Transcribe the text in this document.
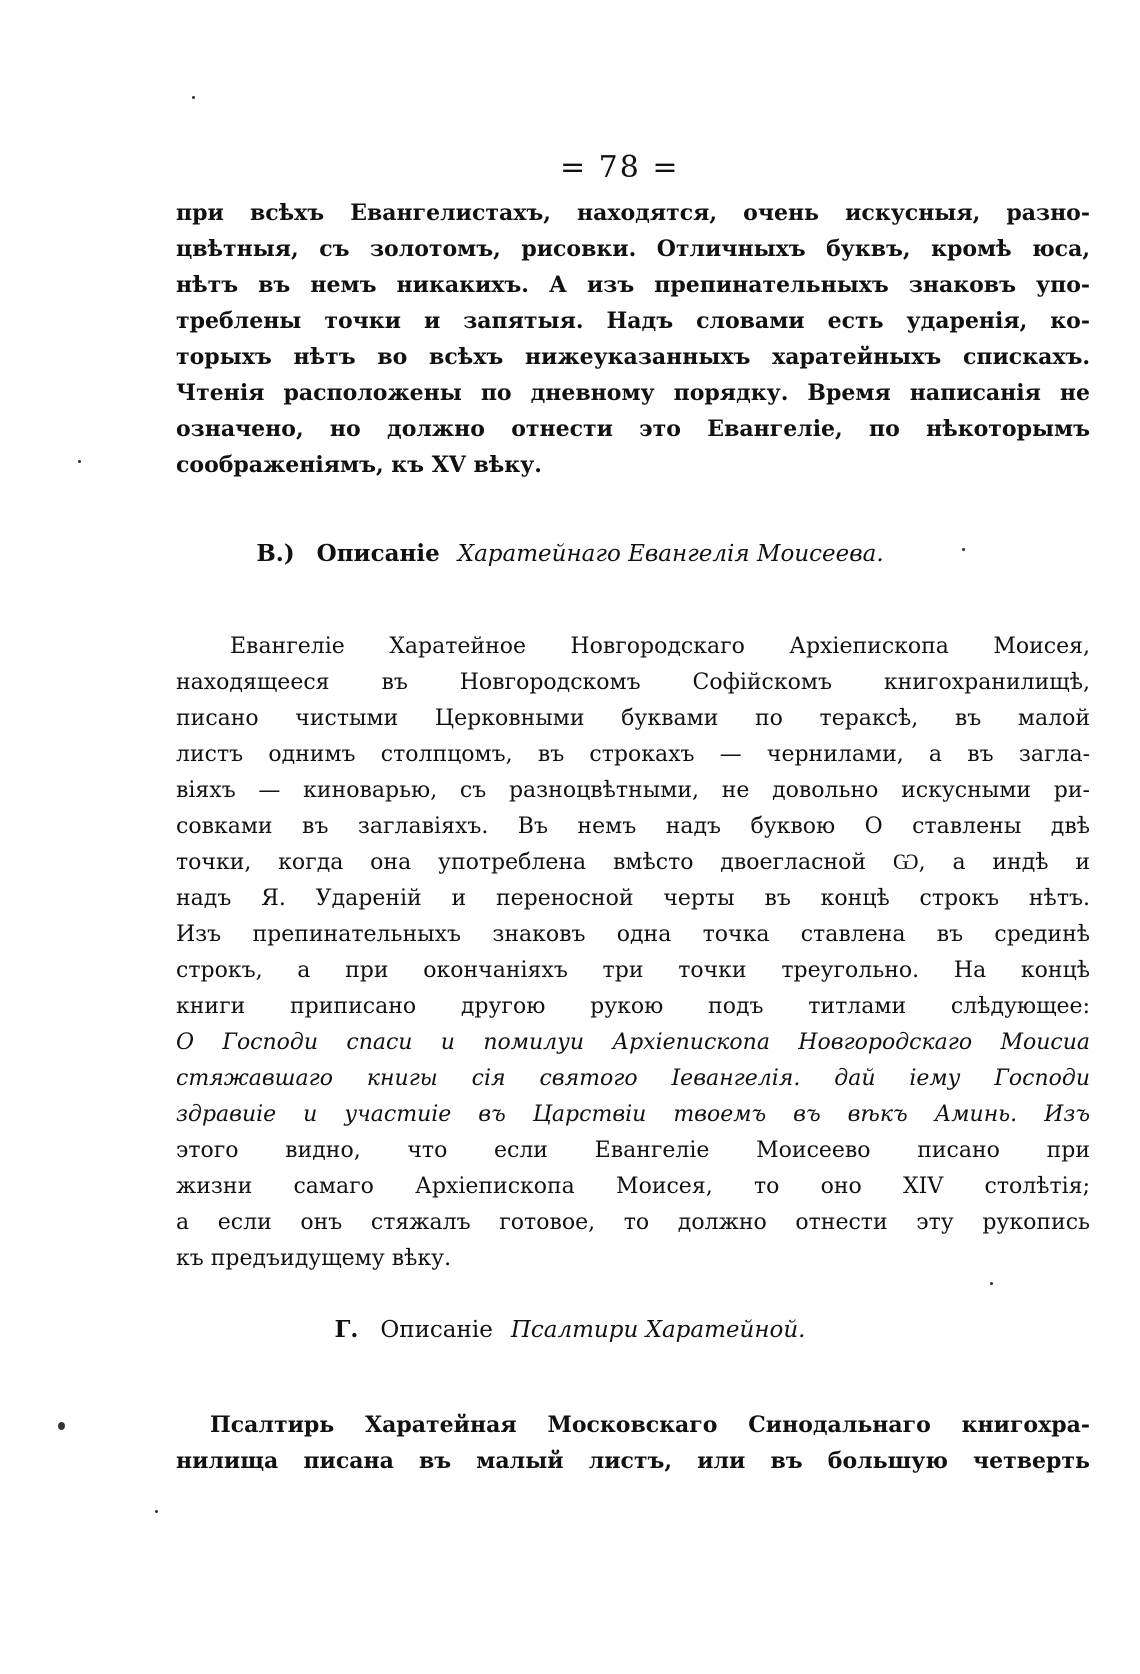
= 78 =
при всѣхъ Евангелистахъ, находятся, очень искусныя, разно-
цвѣтныя, съ золотомъ, рисовки. Отличныхъ буквъ, кромѣ юса,
нѣтъ въ немъ никакихъ. А изъ препинательныхъ знаковъ упо-
треблены точки и запятыя. Надъ словами есть ударенія, ко-
торыхъ нѣтъ во всѣхъ нижеуказанныхъ харатейныхъ спискахъ.
Чтенія расположены по дневному порядку. Время написанія не
означено, но должно отнести это Евангеліе, по нѣкоторымъ
соображеніямъ, къ XV вѣку.
В.) Описаніе Харатейнаго Евангелія Моисеева.
Евангеліе Харатейное Новгородскаго Архіепископа Моисея,
находящееся въ Новгородскомъ Софійскомъ книгохранилищѣ,
писано чистыми Церковными буквами по тераксѣ, въ малой
листъ однимъ столпцомъ, въ строкахъ — чернилами, а въ загла-
віяхъ — киноварью, съ разноцвѣтными, не довольно искусными ри-
совками въ заглавіяхъ. Въ немъ надъ буквою О ставлены двѣ
точки, когда она употреблена вмѣсто двоегласной Ѡ, а индѣ и
надъ Я. Удареній и переносной черты въ концѣ строкъ нѣтъ.
Изъ препинательныхъ знаковъ одна точка ставлена въ срединѣ
строкъ, а при окончаніяхъ три точки треугольно. На концѣ
книги приписано другою рукою подъ титлами слѣдующее:
О Господи спаси и помилуи Архіепископа Новгородскаго Моисиа
стяжавшаго книгы сія святого Іевангелія. дай іему Господи
здравиіе и участиіе въ Царствіи твоемъ въ вѣкъ Аминь. Изъ
этого видно, что если Евангеліе Моисеево писано при
жизни самаго Архіепископа Моисея, то оно XIV столѣтія;
а если онъ стяжалъ готовое, то должно отнести эту рукопись
къ предъидущему вѣку.
Г. Описаніе Псалтири Харатейной.
Псалтирь Харатейная Московскаго Синодальнаго книгохра-
нилища писана въ малый листъ, или въ большую четверть
